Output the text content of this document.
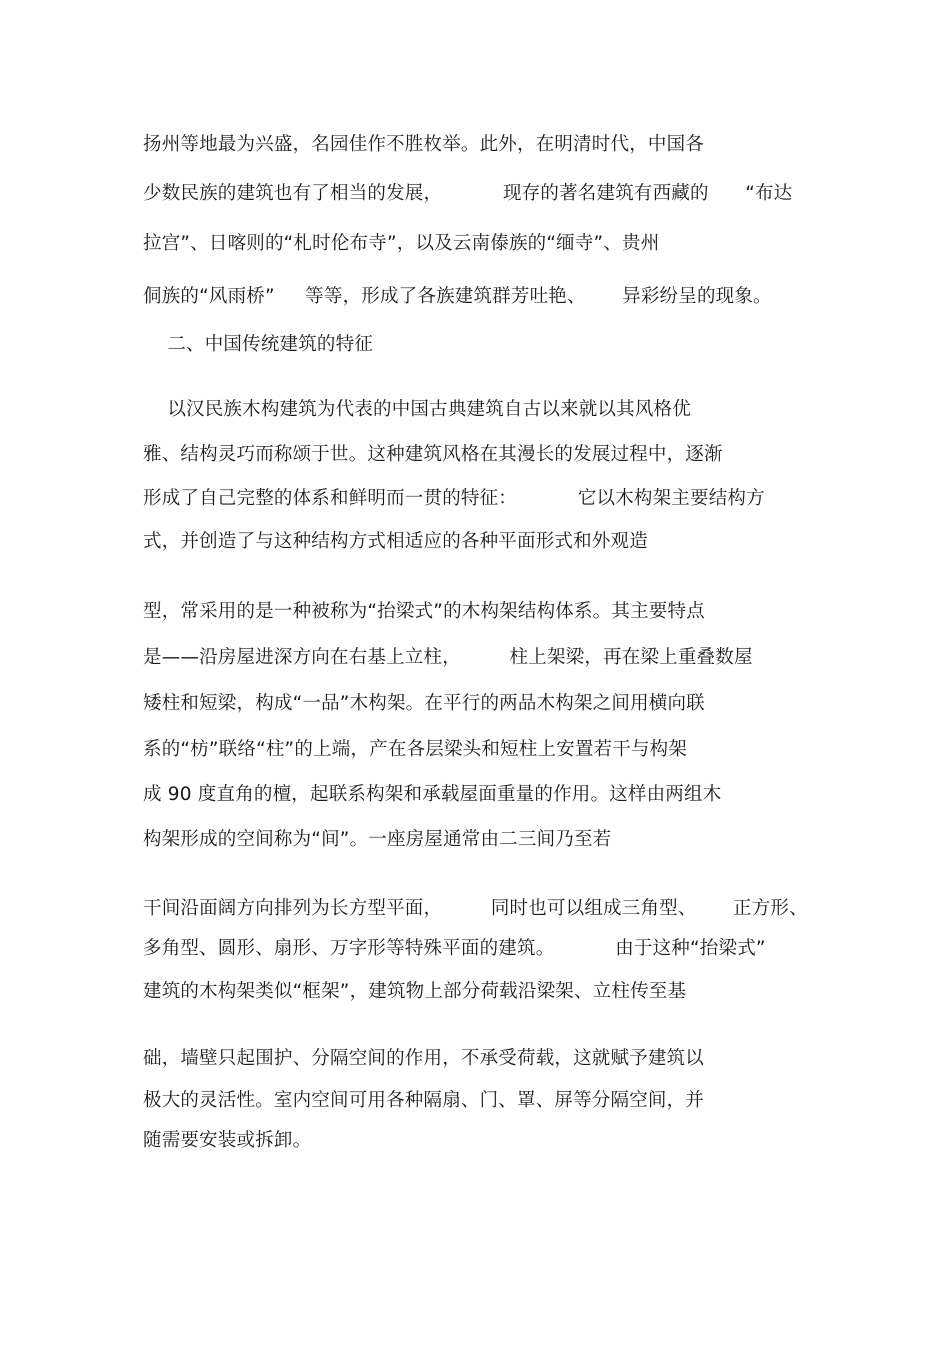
扬州等地最为兴盛，名园佳作不胜枚举。此外，在明清时代，中国各
少数民族的建筑也有了相当的发展，          现存的著名建筑有西藏的      “布达
拉宫”、日喀则的“札时伦布寺”，以及云南傣族的“缅寺”、贵州
侗族的“风雨桥”     等等，形成了各族建筑群芳吐艳、      异彩纷呈的现象。
二、中国传统建筑的特征
以汉民族木构建筑为代表的中国古典建筑自古以来就以其风格优
雅、结构灵巧而称颂于世。这种建筑风格在其漫长的发展过程中，逐渐
形成了自己完整的体系和鲜明而一贯的特征：          它以木构架主要结构方
式，并创造了与这种结构方式相适应的各种平面形式和外观造
型，常采用的是一种被称为“抬梁式”的木构架结构体系。其主要特点
是——沿房屋进深方向在右基上立柱，        柱上架梁，再在梁上重叠数屋
矮柱和短梁，构成“一品”木构架。在平行的两品木构架之间用横向联
系的“枋”联络“柱”的上端，产在各层梁头和短柱上安置若干与构架
成 90 度直角的檀，起联系构架和承载屋面重量的作用。这样由两组木
构架形成的空间称为“间”。一座房屋通常由二三间乃至若
干间沿面阔方向排列为长方型平面，        同时也可以组成三角型、      正方形、
多角型、圆形、扇形、万字形等特殊平面的建筑。          由于这种“抬梁式”
建筑的木构架类似“框架”，建筑物上部分荷载沿梁架、立柱传至基
础，墙壁只起围护、分隔空间的作用，不承受荷载，这就赋予建筑以
极大的灵活性。室内空间可用各种隔扇、门、罩、屏等分隔空间，并
随需要安装或拆卸。
